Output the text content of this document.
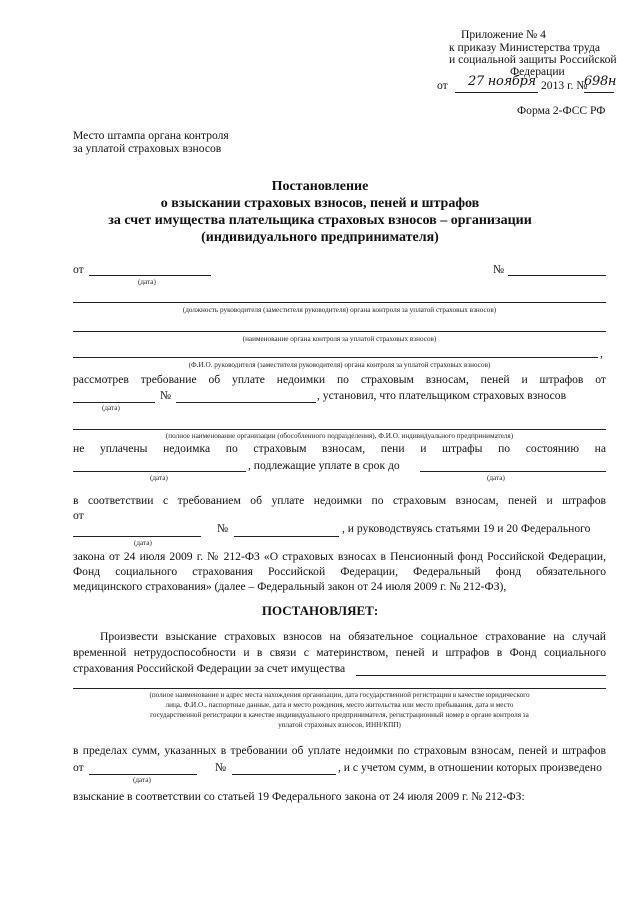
Приложение № 4
к приказу Министерства труда
и социальной защиты Российской
Федерации
от 27 ноября 2013 г. №
698н
Форма 2-ФСС РФ
Место штампа органа контроля
за уплатой страховых взносов
Постановление
о взыскании страховых взносов, пеней и штрафов
за счет имущества плательщика страховых взносов – организации
(индивидуального предпринимателя)
от
(дата)
№
(должность руководителя (заместителя руководителя) органа контроля за уплатой страховых взносов)
(наименование органа контроля за уплатой страховых взносов)
,
(Ф.И.О. руководителя (заместителя руководителя) органа контроля за уплатой страховых взносов)
рассмотрев требование об уплате недоимки по страховым взносам, пеней и штрафов от
№	, установил, что плательщиком страховых взносов
(дата)
(полное наименование организации (обособленного подразделения), Ф.И.О. индивидуального предпринимателя)
не уплачены недоимка по страховым взносам, пени и штрафы по состоянию на
, подлежащие уплате в срок до
(дата)	(дата)
в соответствии с требованием об уплате недоимки по страховым взносам, пеней и штрафов
от
№	, и руководствуясь статьями 19 и 20 Федерального
(дата)
закона от 24 июля 2009 г. № 212-ФЗ «О страховых взносах в Пенсионный фонд Российской Федерации,
Фонд социального страхования Российской Федерации, Федеральный фонд обязательного
медицинского страхования» (далее – Федеральный закон от 24 июля 2009 г. № 212-ФЗ),
ПОСТАНОВЛЯЕТ:
Произвести взыскание страховых взносов на обязательное социальное страхование на случай
временной нетрудоспособности и в связи с материнством, пеней и штрафов в Фонд социального
страхования Российской Федерации за счет имущества
(полное наименование и адрес места нахождения организации, дата государственной регистрации в качестве юридического
лица, Ф.И.О., паспортные данные, дата и место рождения, место жительства или место пребывания, дата и место
государственной регистрации в качестве индивидуального предпринимателя, регистрационный номер в органе контроля за
уплатой страховых взносов, ИНН/КПП)
в пределах сумм, указанных в требовании об уплате недоимки по страховым взносам, пеней и штрафов
от	№	, и с учетом сумм, в отношении которых произведено
(дата)
взыскание в соответствии со статьей 19 Федерального закона от 24 июля 2009 г. № 212-ФЗ:
